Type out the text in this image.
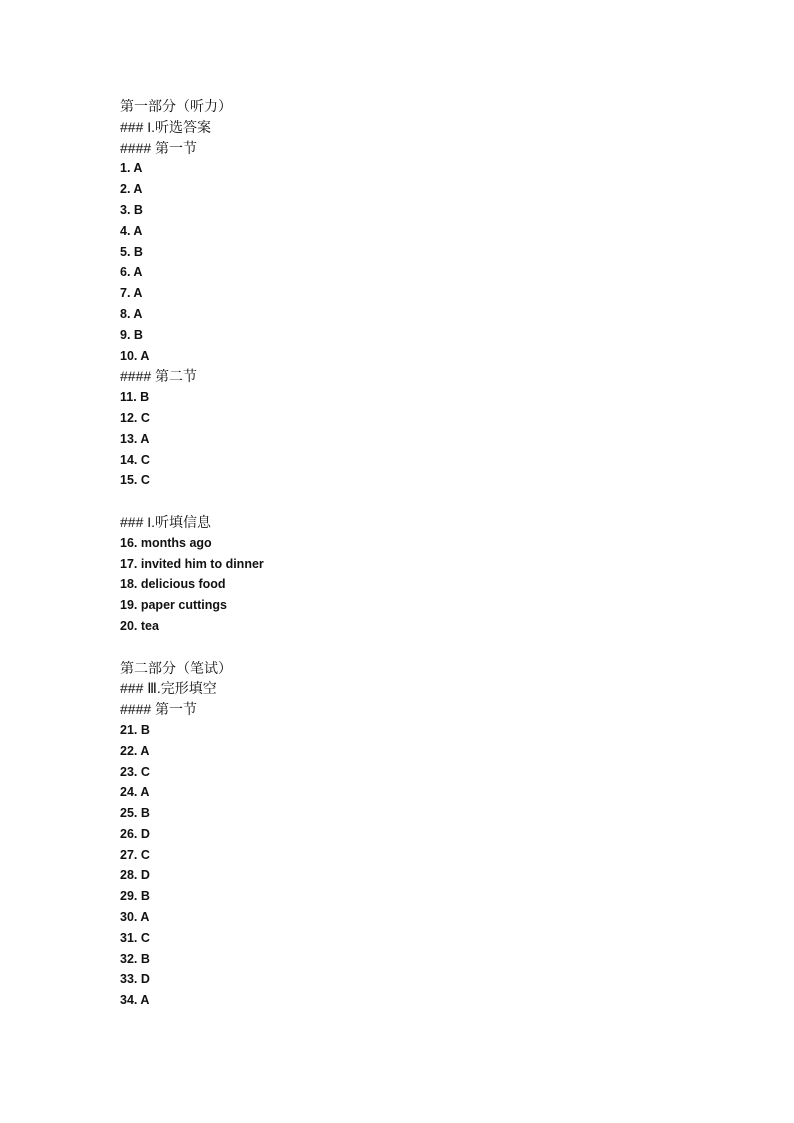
第一部分（听力）
### I.听选答案
#### 第一节
1. A
2. A
3. B
4. A
5. B
6. A
7. A
8. A
9. B
10. A
#### 第二节
11. B
12. C
13. A
14. C
15. C
### I.听填信息
16. months ago
17. invited him to dinner
18. delicious food
19. paper cuttings
20. tea
第二部分（笔试）
### Ⅲ.完形填空
#### 第一节
21. B
22. A
23. C
24. A
25. B
26. D
27. C
28. D
29. B
30. A
31. C
32. B
33. D
34. A
